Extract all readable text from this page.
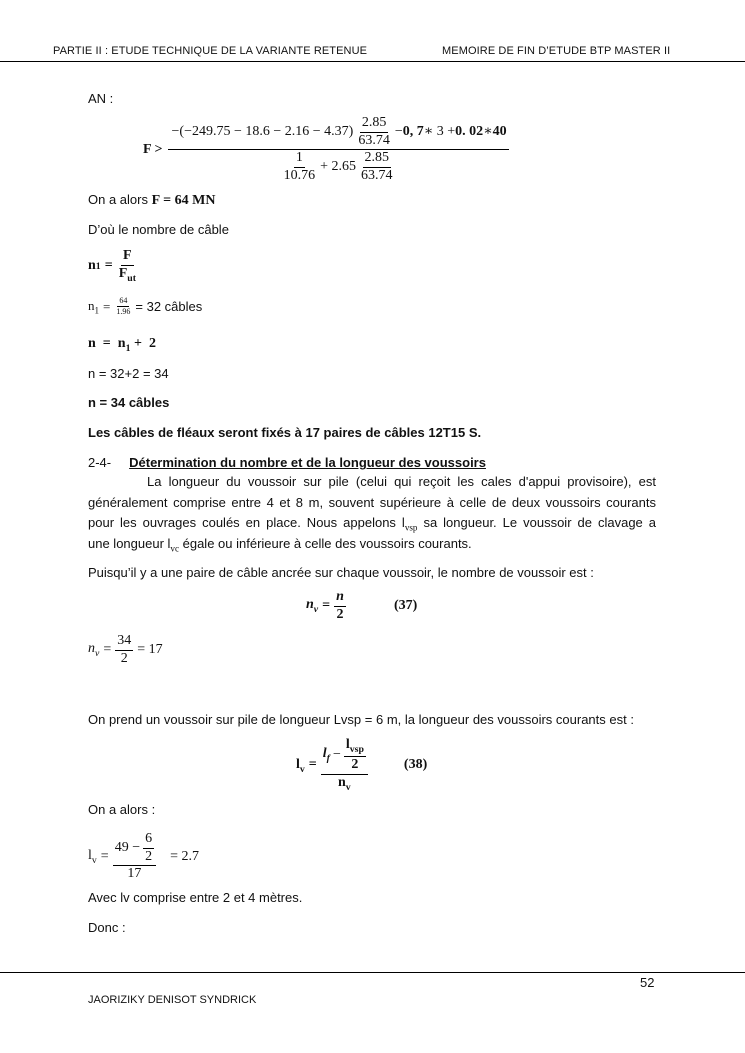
PARTIE II : ETUDE TECHNIQUE DE LA VARIANTE RETENUE	MEMOIRE DE FIN D’ETUDE BTP MASTER II
AN :
F >
$-(-249.75 - 18.6 - 2.16 - 4.37) \frac{2.85}{63.74} - 0$, 7 ∗ 3 + 0. 02 ∗ 40
$\frac{1}{10.76} + 2.65 \frac{2.85}{63.74}$
On a alors F = 64 MN
D’où le nombre de câble
n $1 = \frac{F}{F_{ut}}$
$n_1 = \frac{64}{1.96} = 32$ câbles
$n = n_1 + 2$
n = 32+2 = 34
n = 34 câbles
Les câbles de fléaux seront fixés à 17 paires de câbles 12T15 S.
2-4- Détermination du nombre et de la longueur des voussoirs
La longueur du voussoir sur pile (celui qui reçoit les cales d'appui provisoire), est
généralement comprise entre 4 et 8 m, souvent supérieure à celle de deux voussoirs courants
pour les ouvrages coulés en place. Nous appelons $l_{vsp}$ sa longueur. Le voussoir de clavage a
une longueur $l_{vc}$ égale ou inférieure à celle des voussoirs courants.
Puisqu’il y a une paire de câble ancrée sur chaque voussoir, le nombre de voussoir est :
$n_v = \frac{n}{2}$	(37)
$n_v = \frac{34}{2} = 17$
On prend un voussoir sur pile de longueur Lvsp = 6 m, la longueur des voussoirs courants est :
$l_v = \frac{l_f - \frac{l_{vsp}}{2}}{n_v}$	(38)
On a alors :
$l_v = \frac{49 - \frac{6}{2}}{17} = 2.7$
Avec lv comprise entre 2 et 4 mètres.
Donc :
52
JAORIZIKY DENISOT SYNDRICK
